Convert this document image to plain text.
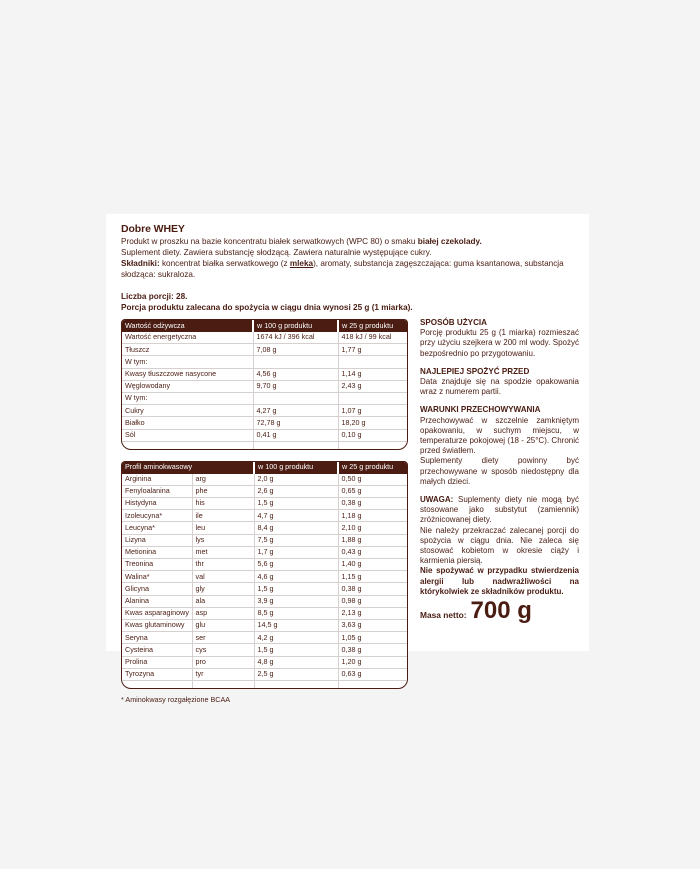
Dobre WHEY

Produkt w proszku na bazie koncentratu białek serwatkowych (WPC 80) o smaku białej czekolady.

Suplement diety. Zawiera substancję słodzącą. Zawiera naturalnie występujące cukry.

Składniki: koncentrat białka serwatkowego (z mleka), aromaty, substancja zagęszczająca: guma ksantanowa, substancja słodząca: sukraloza.

Liczba porcji: 28.

Porcja produktu zalecana do spożycia w ciągu dnia wynosi 25 g (1 miarka).

Wartość odżywcza	w 100 g produktu	w 25 g produktu
Wartość energetyczna	1674 kJ / 396 kcal	418 kJ / 99 kcal
Tłuszcz	7,08 g	1,77 g
W tym:		
Kwasy tłuszczowe nasycone	4,56 g	1,14 g
Węglowodany	9,70 g	2,43 g
W tym:		
Cukry	4,27 g	1,07 g
Białko	72,78 g	18,20 g
Sól	0,41 g	0,10 g

Profil aminokwasowy		w 100 g produktu	w 25 g produktu
Arginina	arg	2,0 g	0,50 g
Fenyloalanina	phe	2,6 g	0,65 g
Histydyna	his	1,5 g	0,38 g
Izoleucyna*	ile	4,7 g	1,18 g
Leucyna*	leu	8,4 g	2,10 g
Lizyna	lys	7,5 g	1,88 g
Metionina	met	1,7 g	0,43 g
Treonina	thr	5,6 g	1,40 g
Walina*	val	4,6 g	1,15 g
Glicyna	gly	1,5 g	0,38 g
Alanina	ala	3,9 g	0,98 g
Kwas asparaginowy	asp	8,5 g	2,13 g
Kwas glutaminowy	glu	14,5 g	3,63 g
Seryna	ser	4,2 g	1,05 g
Cysteina	cys	1,5 g	0,38 g
Prolina	pro	4,8 g	1,20 g
Tyrozyna	tyr	2,5 g	0,63 g

* Aminokwasy rozgałęzione BCAA
SPOSÓB UŻYCIA

Porcję produktu 25 g (1 miarka) rozmieszać przy użyciu szejkera w 200 ml wody. Spożyć bezpośrednio po przygotowaniu.

NAJLEPIEJ SPOŻYĆ PRZED

Data znajduje się na spodzie opakowania wraz z numerem partii.

WARUNKI PRZECHOWYWANIA

Przechowywać w szczelnie zamkniętym opakowaniu, w suchym miejscu, w temperaturze pokojowej (18 - 25°C). Chronić przed światłem.

Suplementy diety powinny być przechowywane w sposób niedostępny dla małych dzieci.

UWAGA: Suplementy diety nie mogą być stosowane jako substytut (zamiennik) zróżnicowanej diety.

Nie należy przekraczać zalecanej porcji do spożycia w ciągu dnia. Nie zaleca się stosować kobietom w okresie ciąży i karmienia piersią.

Nie spożywać w przypadku stwierdzenia alergii lub nadwrażliwości na którykolwiek ze składników produktu.

Masa netto: 700 g
